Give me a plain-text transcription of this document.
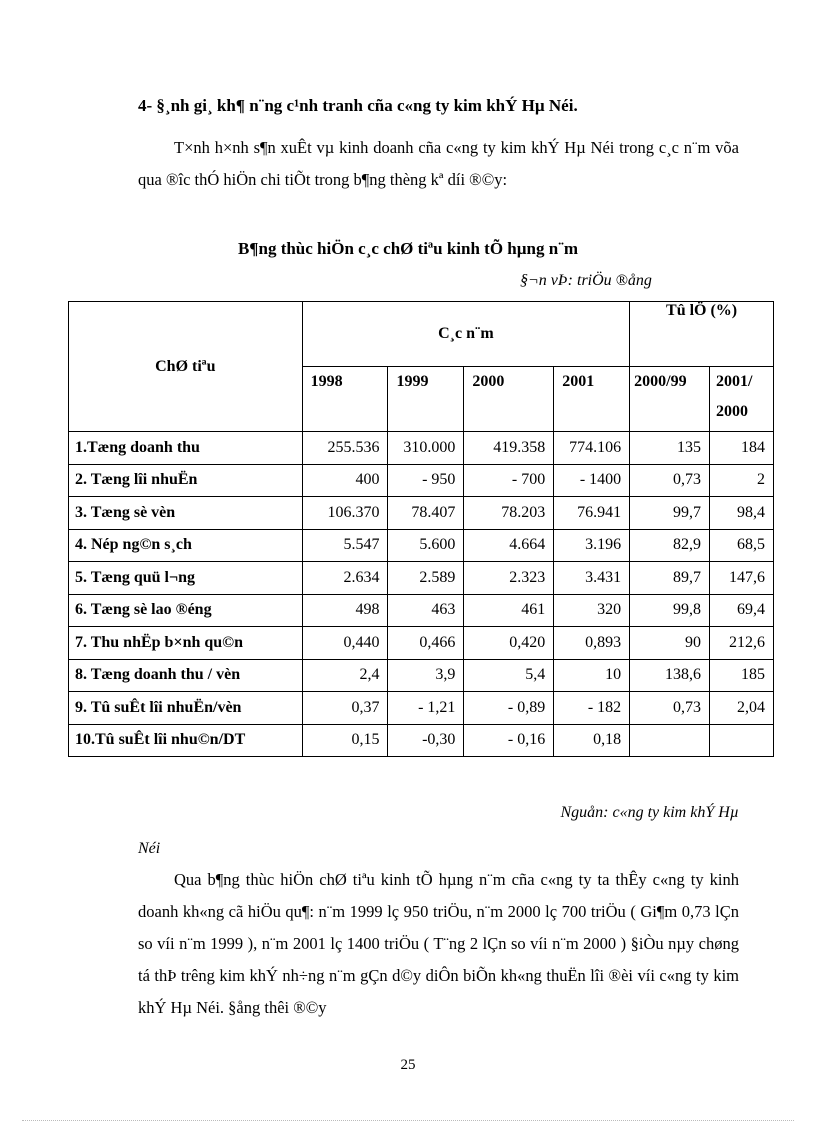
4- §¸nh gi¸ kh¶ n¨ng c¹nh tranh cña c«ng ty kim khÝ Hµ Néi.

T×nh h×nh s¶n xuÊt vµ kinh doanh cña c«ng ty kim khÝ Hµ Néi trong c¸c n¨m võa qua ®îc thÓ hiÖn chi tiÕt trong b¶ng thèng kª díi ®©y:

B¶ng thùc hiÖn c¸c chØ tiªu kinh tÕ hµng n¨m
§¬n vÞ: triÖu ®ång
ChØ tiªu	C¸c n¨m				Tû lÖ (%)	
	1998	1999	2000	2001	2000/99	2001/ 2000
1.Tæng doanh thu	255.536	310.000	419.358	774.106	135	184
2. Tæng lîi nhuËn	400	- 950	- 700	- 1400	0,73	2
3. Tæng sè vèn	106.370	78.407	78.203	76.941	99,7	98,4
4. Nép ng©n s¸ch	5.547	5.600	4.664	3.196	82,9	68,5
5. Tæng quü l¬ng	2.634	2.589	2.323	3.431	89,7	147,6
6. Tæng sè lao ®éng	498	463	461	320	99,8	69,4
7. Thu nhËp b×nh qu©n	0,440	0,466	0,420	0,893	90	212,6
8. Tæng doanh thu / vèn	2,4	3,9	5,4	10	138,6	185
9. Tû suÊt lîi nhuËn/vèn	0,37	- 1,21	- 0,89	- 182	0,73	2,04
10.Tû suÊt lîi nhu©n/DT	0,15	-0,30	- 0,16	0,18		
Nguån: c«ng ty kim khÝ Hµ
Néi

Qua b¶ng thùc hiÖn chØ tiªu kinh tÕ hµng n¨m cña c«ng ty ta thÊy c«ng ty kinh doanh kh«ng cã hiÖu qu¶: n¨m 1999 lç 950 triÖu, n¨m 2000 lç 700 triÖu ( Gi¶m 0,73 lÇn so víi n¨m 1999 ), n¨m 2001 lç 1400 triÖu ( T¨ng 2 lÇn so víi n¨m 2000 ) §iÒu nµy chøng tá thÞ trêng kim khÝ nh÷ng n¨m gÇn d©y diÔn biÕn kh«ng thuËn lîi ®èi víi c«ng ty kim khÝ Hµ Néi. §ång thêi ®©y

25
